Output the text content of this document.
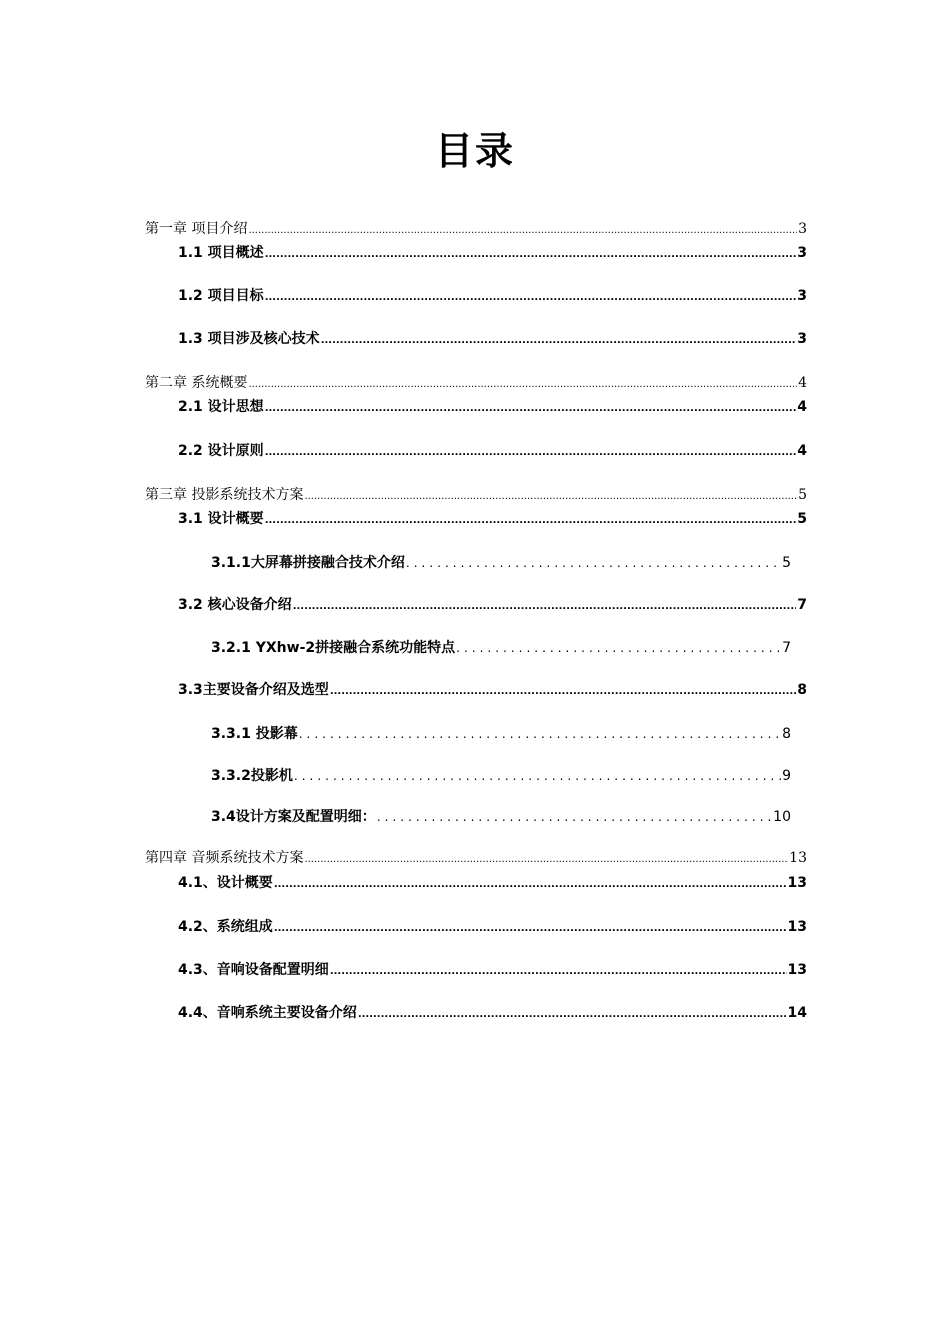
目录
第一章 项目介绍 .....	3
1.1 项目概述 .....	3
1.2 项目目标 .....	3
1.3 项目涉及核心技术 .....	3
第二章 系统概要 .....	4
2.1 设计思想 .....	4
2.2 设计原则 .....	4
第三章 投影系统技术方案 .....	5
3.1 设计概要 .....	5
3.1.1大屏幕拼接融合技术介绍 .....	5
3.2 核心设备介绍 .....	7
3.2.1 YXhw-2拼接融合系统功能特点 .....	7
3.3主要设备介绍及选型 .....	8
3.3.1 投影幕 .....	8
3.3.2投影机 .....	9
3.4设计方案及配置明细： .....	10
第四章 音频系统技术方案 .....	13
4.1、设计概要 .....	13
4.2、系统组成 .....	13
4.3、音响设备配置明细 .....	13
4.4、音响系统主要设备介绍 .....	14
